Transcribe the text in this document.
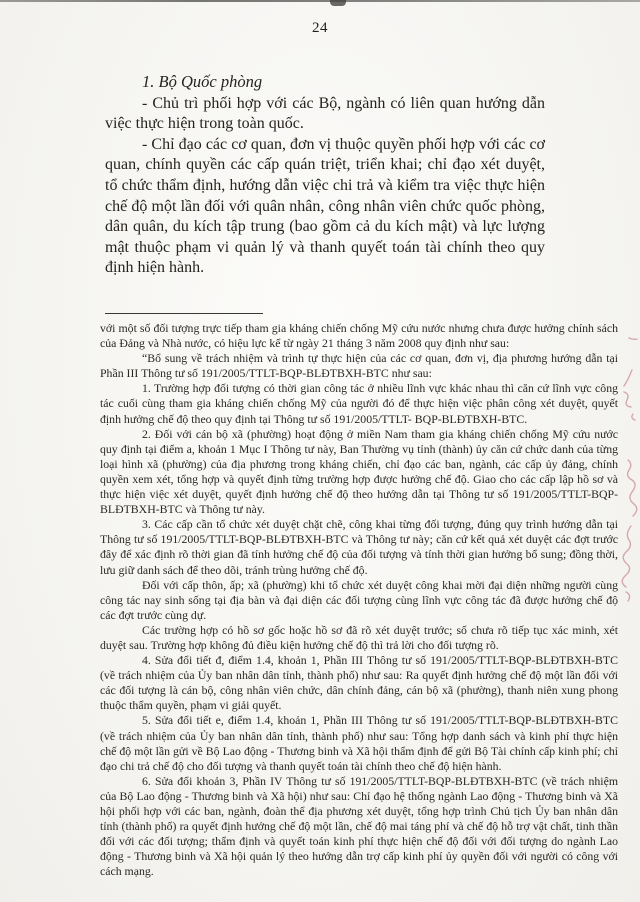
24

1. Bộ Quốc phòng

- Chủ trì phối hợp với các Bộ, ngành có liên quan hướng dẫn việc thực hiện trong toàn quốc.

- Chỉ đạo các cơ quan, đơn vị thuộc quyền phối hợp với các cơ quan, chính quyền các cấp quán triệt, triển khai; chỉ đạo xét duyệt, tổ chức thẩm định, hướng dẫn việc chi trả và kiểm tra việc thực hiện chế độ một lần đối với quân nhân, công nhân viên chức quốc phòng, dân quân, du kích tập trung (bao gồm cả du kích mật) và lực lượng mật thuộc phạm vi quản lý và thanh quyết toán tài chính theo quy định hiện hành.

với một số đối tượng trực tiếp tham gia kháng chiến chống Mỹ cứu nước nhưng chưa được hưởng chính sách của Đảng và Nhà nước, có hiệu lực kể từ ngày 21 tháng 3 năm 2008 quy định như sau:

“Bổ sung về trách nhiệm và trình tự thực hiện của các cơ quan, đơn vị, địa phương hướng dẫn tại Phần III Thông tư số 191/2005/TTLT-BQP-BLĐTBXH-BTC như sau:

1. Trường hợp đối tượng có thời gian công tác ở nhiều lĩnh vực khác nhau thì căn cứ lĩnh vực công tác cuối cùng tham gia kháng chiến chống Mỹ của người đó để thực hiện việc phân công xét duyệt, quyết định hưởng chế độ theo quy định tại Thông tư số 191/2005/TTLT- BQP-BLĐTBXH-BTC.

2. Đối với cán bộ xã (phường) hoạt động ở miền Nam tham gia kháng chiến chống Mỹ cứu nước quy định tại điểm a, khoản 1 Mục I Thông tư này, Ban Thường vụ tỉnh (thành) ủy căn cứ chức danh của từng loại hình xã (phường) của địa phương trong kháng chiến, chỉ đạo các ban, ngành, các cấp ủy đảng, chính quyền xem xét, tổng hợp và quyết định từng trường hợp được hưởng chế độ. Giao cho các cấp lập hồ sơ và thực hiện việc xét duyệt, quyết định hưởng chế độ theo hướng dẫn tại Thông tư số 191/2005/TTLT-BQP-BLĐTBXH-BTC và Thông tư này.

3. Các cấp cần tổ chức xét duyệt chặt chẽ, công khai từng đối tượng, đúng quy trình hướng dẫn tại Thông tư số 191/2005/TTLT-BQP-BLĐTBXH-BTC và Thông tư này; căn cứ kết quả xét duyệt các đợt trước đây để xác định rõ thời gian đã tính hưởng chế độ của đối tượng và tính thời gian hưởng bổ sung; đồng thời, lưu giữ danh sách để theo dõi, tránh trùng hưởng chế độ.

Đối với cấp thôn, ấp; xã (phường) khi tổ chức xét duyệt công khai mời đại diện những người cùng công tác nay sinh sống tại địa bàn và đại diện các đối tượng cùng lĩnh vực công tác đã được hưởng chế độ các đợt trước cùng dự.

Các trường hợp có hồ sơ gốc hoặc hồ sơ đã rõ xét duyệt trước; số chưa rõ tiếp tục xác minh, xét duyệt sau. Trường hợp không đủ điều kiện hưởng chế độ thì trả lời cho đối tượng rõ.

4. Sửa đổi tiết đ, điểm 1.4, khoản 1, Phần III Thông tư số 191/2005/TTLT-BQP-BLĐTBXH-BTC (về trách nhiệm của Ủy ban nhân dân tỉnh, thành phố) như sau: Ra quyết định hưởng chế độ một lần đối với các đối tượng là cán bộ, công nhân viên chức, dân chính đảng, cán bộ xã (phường), thanh niên xung phong thuộc thẩm quyền, phạm vi giải quyết.

5. Sửa đổi tiết e, điểm 1.4, khoản 1, Phần III Thông tư số 191/2005/TTLT-BQP-BLĐTBXH-BTC (về trách nhiệm của Ủy ban nhân dân tỉnh, thành phố) như sau: Tổng hợp danh sách và kinh phí thực hiện chế độ một lần gửi về Bộ Lao động - Thương binh và Xã hội thẩm định để gửi Bộ Tài chính cấp kinh phí; chỉ đạo chi trả chế độ cho đối tượng và thanh quyết toán tài chính theo chế độ hiện hành.

6. Sửa đổi khoản 3, Phần IV Thông tư số 191/2005/TTLT-BQP-BLĐTBXH-BTC (về trách nhiệm của Bộ Lao động - Thương binh và Xã hội) như sau: Chỉ đạo hệ thống ngành Lao động - Thương binh và Xã hội phối hợp với các ban, ngành, đoàn thể địa phương xét duyệt, tổng hợp trình Chủ tịch Ủy ban nhân dân tỉnh (thành phố) ra quyết định hưởng chế độ một lần, chế độ mai táng phí và chế độ hỗ trợ vật chất, tinh thần đối với các đối tượng; thẩm định và quyết toán kinh phí thực hiện chế độ đối với đối tượng do ngành Lao động - Thương binh và Xã hội quản lý theo hướng dẫn trợ cấp kinh phí ủy quyền đối với người có công với cách mạng.
